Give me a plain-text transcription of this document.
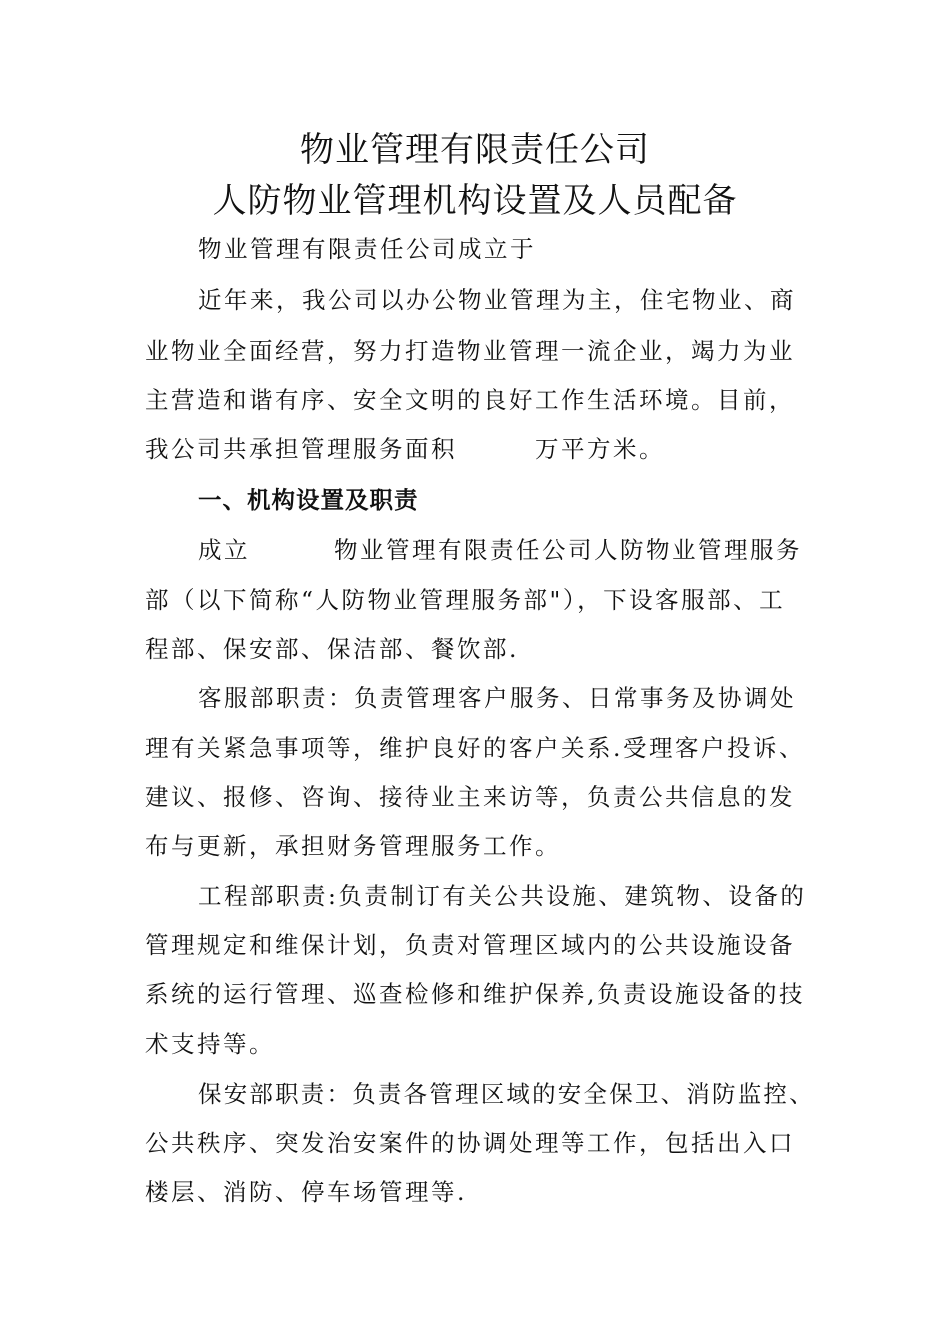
物业管理有限责任公司
人防物业管理机构设置及人员配备
物业管理有限责任公司成立于
近年来，我公司以办公物业管理为主，住宅物业、商
业物业全面经营，努力打造物业管理一流企业，竭力为业
主营造和谐有序、安全文明的良好工作生活环境。目前，
我公司共承担管理服务面积	万平方米。
一、机构设置及职责
成立	物业管理有限责任公司人防物业管理服务
部（以下简称“人防物业管理服务部"），下设客服部、工
程部、保安部、保洁部、餐饮部.
客服部职责：负责管理客户服务、日常事务及协调处
理有关紧急事项等，维护良好的客户关系.受理客户投诉、
建议、报修、咨询、接待业主来访等，负责公共信息的发
布与更新，承担财务管理服务工作。
工程部职责:负责制订有关公共设施、建筑物、设备的
管理规定和维保计划，负责对管理区域内的公共设施设备
系统的运行管理、巡查检修和维护保养,负责设施设备的技
术支持等。
保安部职责：负责各管理区域的安全保卫、消防监控、
公共秩序、突发治安案件的协调处理等工作，包括出入口
楼层、消防、停车场管理等.
